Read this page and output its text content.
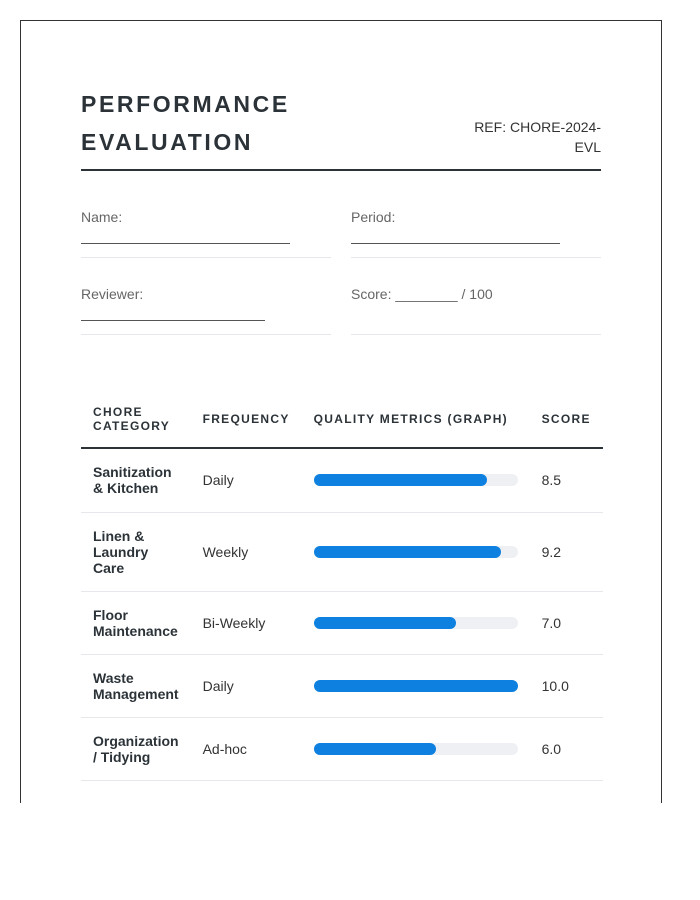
PERFORMANCE
EVALUATION
REF: CHORE-2024-
EVL
Name:	Period:
Reviewer:	Score: ________ / 100
CHORE
CATEGORY	FREQUENCY	QUALITY METRICS (GRAPH)	SCORE

Sanitization
& Kitchen	Daily		8.5

Linen &
Laundry
Care	Weekly		9.2

Floor
Maintenance	Bi-Weekly		7.0

Waste
Management	Daily		10.0

Organization
/ Tidying	Ad-hoc		6.0
